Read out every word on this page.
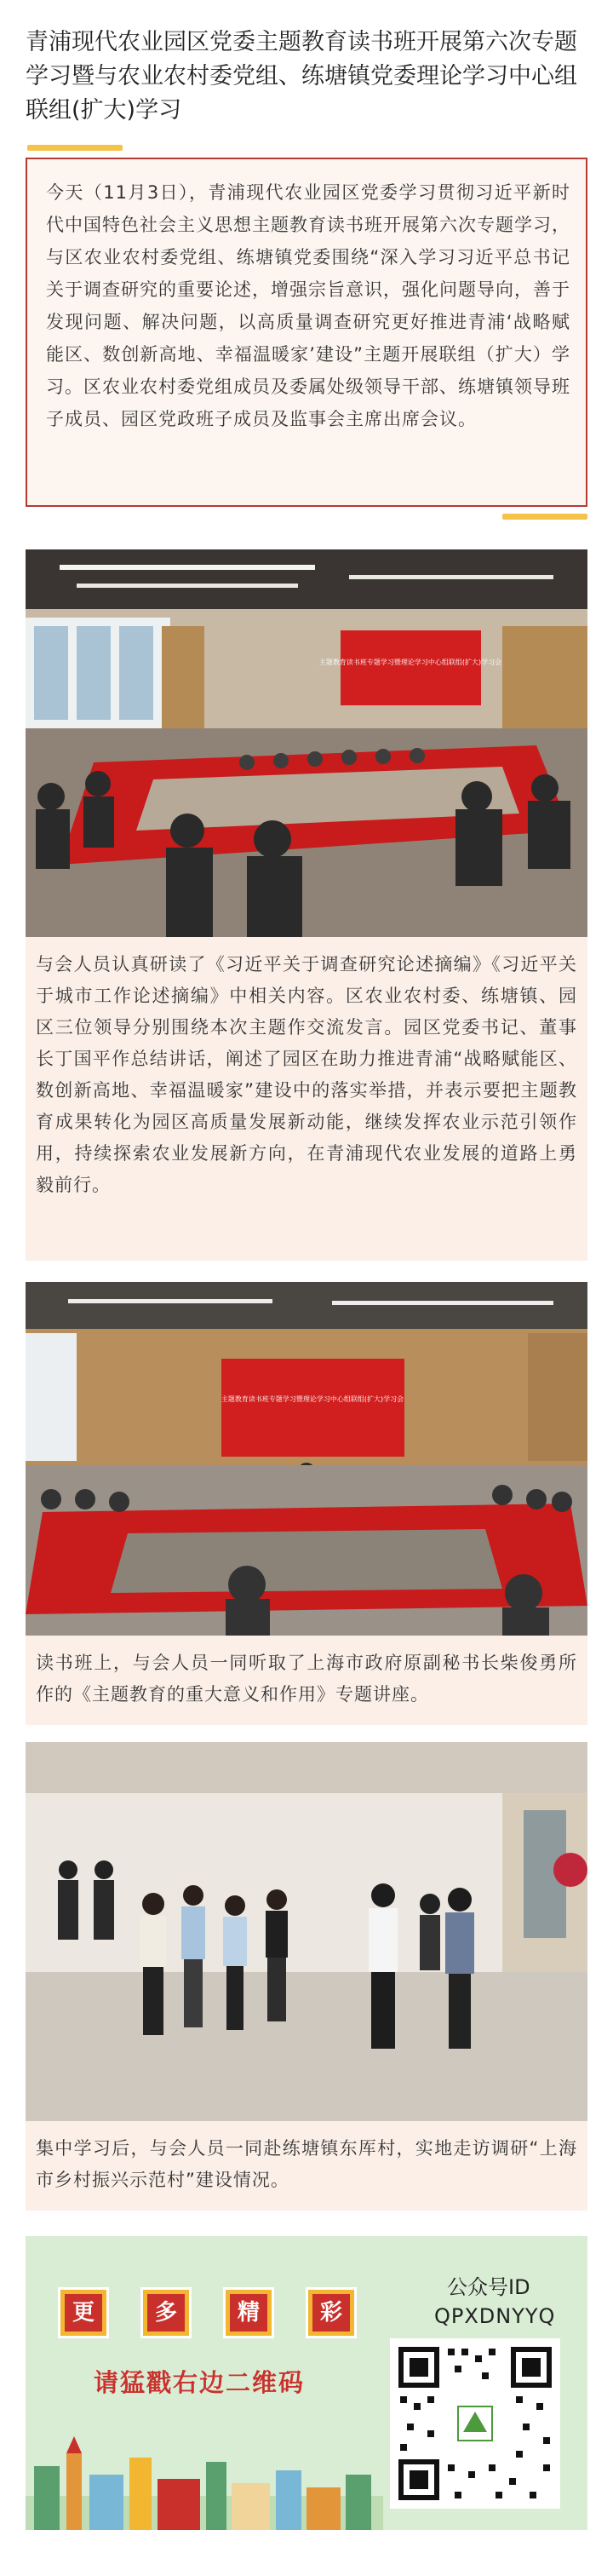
青浦现代农业园区党委主题教育读书班开展第六次专题学习暨与农业农村委党组、练塘镇党委理论学习中心组联组(扩大)学习

今天（11月3日），青浦现代农业园区党委学习贯彻习近平新时代中国特色社会主义思想主题教育读书班开展第六次专题学习，与区农业农村委党组、练塘镇党委围绕“深入学习习近平总书记关于调查研究的重要论述，增强宗旨意识，强化问题导向，善于发现问题、解决问题，以高质量调查研究更好推进青浦‘战略赋能区、数创新高地、幸福温暖家’建设”主题开展联组（扩大）学习。区农业农村委党组成员及委属处级领导干部、练塘镇领导班子成员、园区党政班子成员及监事会主席出席会议。

主题教育读书班专题学习暨理论学习中心组联组(扩大)学习会

与会人员认真研读了《习近平关于调查研究论述摘编》《习近平关于城市工作论述摘编》中相关内容。区农业农村委、练塘镇、园区三位领导分别围绕本次主题作交流发言。园区党委书记、董事长丁国平作总结讲话，阐述了园区在助力推进青浦“战略赋能区、数创新高地、幸福温暖家”建设中的落实举措，并表示要把主题教育成果转化为园区高质量发展新动能，继续发挥农业示范引领作用，持续探索农业发展新方向，在青浦现代农业发展的道路上勇毅前行。

主题教育读书班专题学习暨理论学习中心组联组(扩大)学习会

读书班上，与会人员一同听取了上海市政府原副秘书长柴俊勇所作的《主题教育的重大意义和作用》专题讲座。

集中学习后，与会人员一同赴练塘镇东厍村，实地走访调研“上海市乡村振兴示范村”建设情况。

更	多	精	彩
请猛戳右边二维码
公众号ID
QPXDNYYQ
